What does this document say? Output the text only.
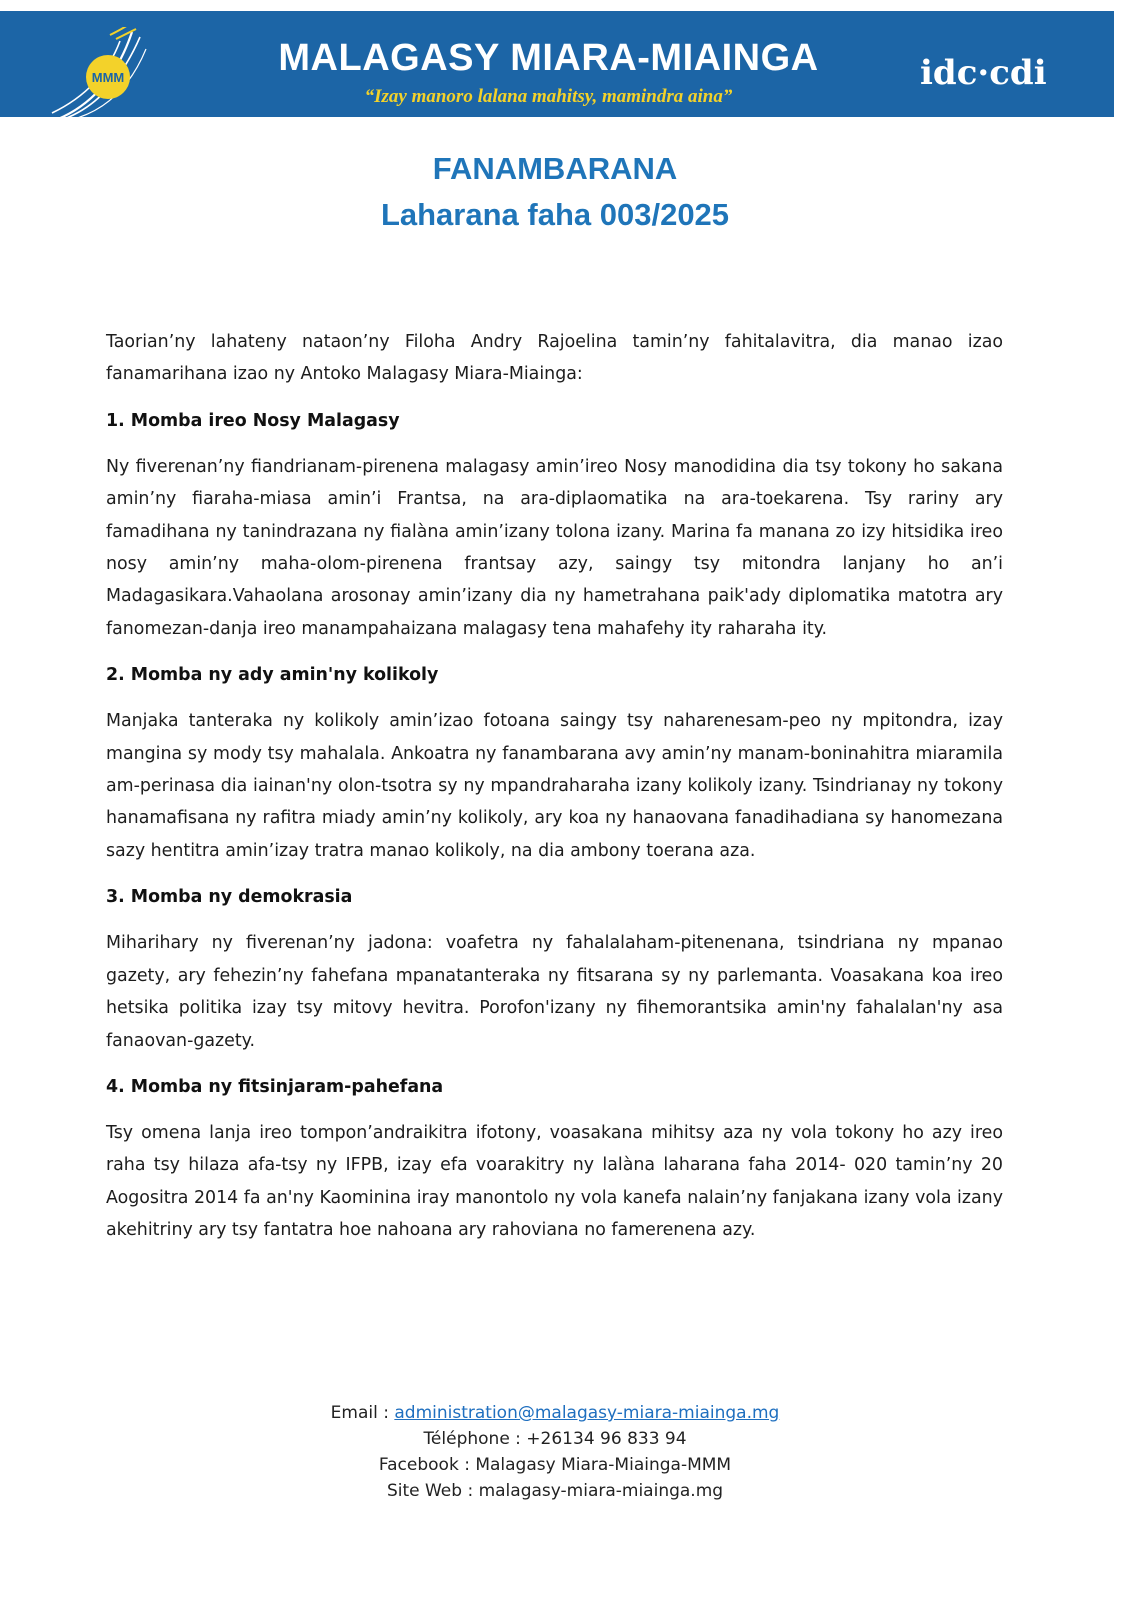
MMM	MALAGASY MIARA-MIAINGA
“Izay manoro lalana mahitsy, mamindra aina”
idc·cdi
FANAMBARANA
Laharana faha 003/2025

Taorian’ny lahateny nataon’ny Filoha Andry Rajoelina tamin’ny fahitalavitra, dia manao izao fanamarihana izao ny Antoko Malagasy Miara-Miainga:

1. Momba ireo Nosy Malagasy

Ny fiverenan’ny fiandrianam-pirenena malagasy amin’ireo Nosy manodidina dia tsy tokony ho sakana amin’ny fiaraha-miasa amin’i Frantsa, na ara-diplaomatika na ara-toekarena. Tsy rariny ary famadihana ny tanindrazana ny fialàna amin’izany tolona izany. Marina fa manana zo izy hitsidika ireo nosy amin’ny maha-olom-pirenena frantsay azy, saingy tsy mitondra lanjany ho an’i Madagasikara.Vahaolana arosonay amin’izany dia ny hametrahana paik'ady diplomatika matotra ary fanomezan-danja ireo manampahaizana malagasy tena mahafehy ity raharaha ity.

2. Momba ny ady amin'ny kolikoly

Manjaka tanteraka ny kolikoly amin’izao fotoana saingy tsy naharenesam-peo ny mpitondra, izay mangina sy mody tsy mahalala. Ankoatra ny fanambarana avy amin’ny manam-boninahitra miaramila am-perinasa dia iainan'ny olon-tsotra sy ny mpandraharaha izany kolikoly izany. Tsindrianay ny tokony hanamafisana ny rafitra miady amin’ny kolikoly, ary koa ny hanaovana fanadihadiana sy hanomezana sazy hentitra amin’izay tratra manao kolikoly, na dia ambony toerana aza.

3. Momba ny demokrasia

Miharihary ny fiverenan’ny jadona: voafetra ny fahalalaham-pitenenana, tsindriana ny mpanao gazety, ary fehezin’ny fahefana mpanatanteraka ny fitsarana sy ny parlemanta. Voasakana koa ireo hetsika politika izay tsy mitovy hevitra. Porofon'izany ny fihemorantsika amin'ny fahalalan'ny asa fanaovan-gazety.

4. Momba ny fitsinjaram-pahefana

Tsy omena lanja ireo tompon’andraikitra ifotony, voasakana mihitsy aza ny vola tokony ho azy ireo raha tsy hilaza afa-tsy ny IFPB, izay efa voarakitry ny lalàna laharana faha 2014- 020 tamin’ny 20 Aogositra 2014 fa an'ny Kaominina iray manontolo ny vola kanefa nalain’ny fanjakana izany vola izany akehitriny ary tsy fantatra hoe nahoana ary rahoviana no famerenena azy.

Email : administration@malagasy-miara-miainga.mg
Téléphone : +26134 96 833 94
Facebook : Malagasy Miara-Miainga-MMM
Site Web : malagasy-miara-miainga.mg
